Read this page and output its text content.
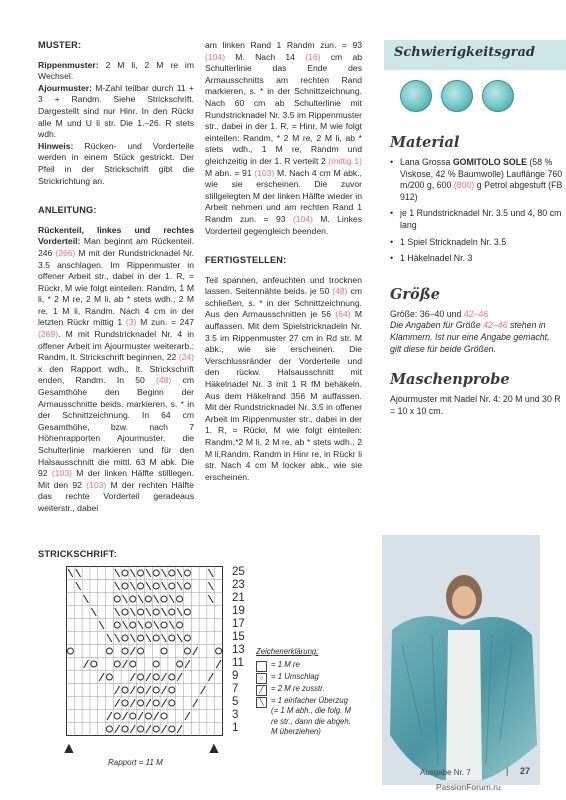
MUSTER:

Rippenmuster: 2 M li, 2 M re im Wechsel.
Ajourmuster: M-Zahl teilbar durch 11 + 3 + Randm. Siehe Strickschrift. Dargestellt sind nur Hinr. In den Rückr alle M und U li str. Die 1.–26. R stets wdh.
Hinweis: Rücken- und Vorderteile werden in einem Stück gestrickt. Der Pfeil in der Strickschrift gibt die Strickrichtung an.

ANLEITUNG:

Rückenteil, linkes und rechtes Vorderteil: Man beginnt am Rückenteil. 246 (266) M mit der Rundstricknadel Nr. 3.5 anschlagen. Im Rippenmuster in offener Arbeit str., dabei in der 1. R, = Rückr, M wie folgt einteilen: Randm, 1 M li, * 2 M re, 2 M li, ab * stets wdh., 2 M re, 1 M li, Randm. Nach 4 cm in der letzten Rückr mittig 1 (3) M zun. = 247 (269). M mit Rundstricknadel Nr. 4 in offener Arbeit im Ajourmuster weiterarb.: Randm, lt. Strickschrift beginnen, 22 (24) x den Rapport wdh., lt. Strickschrift enden, Randm. In 50 (48) cm Gesamthöhe den Beginn der Armausschnitte beids. markieren, s. * in der Schnittzeichnung. In 64 cm Gesamthöhe, bzw. nach 7 Höhenrapporten Ajourmuster, die Schulterlinie markieren und für den Halsausschnitt die mittl. 63 M abk. Die 92 (103) M der linken Hälfte stilllegen. Mit den 92 (103) M der rechten Hälfte das rechte Vorderteil geradeaus weiterstr., dabei

am linken Rand 1 Randm zun. = 93 (104) M. Nach 14 (16) cm ab Schulterlinie das Ende des Armausschnitts am rechten Rand markieren, s. * in der Schnittzeichnung. Nach 60 cm ab Schulterlinie mit Rundstricknadel Nr. 3.5 im Rippenmuster str., dabei in der 1. R, = Hinr, M wie folgt einteilen: Randm, * 2 M re, 2 M li, ab * stets wdh., 1 M re, Randm und gleichzeitig in der 1. R verteilt 2 (mittig 1) M abn. = 91 (103) M. Nach 4 cm M abk., wie sie erscheinen. Die zuvor stillgelegten M der linken Hälfte wieder in Arbeit nehmen und am rechten Rand 1 Randm zun. = 93 (104) M. Linkes Vorderteil gegengleich beenden.

FERTIGSTELLEN:

Teil spannen, anfeuchten und trocknen lassen. Seitennähte beids. je 50 (48) cm schließen, s. * in der Schnittzeichnung. Aus den Armausschnitten je 56 (64) M auffassen. Mit dem Spielstricknadeln Nr. 3.5 im Rippenmuster 27 cm in Rd str. M abk., wie sie erscheinen. Die Verschlussränder der Vorderteile und den rückw. Halsausschnitt mit Häkelnadel Nr. 3 mit 1 R fM behäkeln. Aus dem Häkelrand 356 M auffassen. Mit der Rundstricknadel Nr. 3.5 in offener Arbeit im Rippenmuster str., dabei in der 1. R, = Rückr, M wie folgt einteilen: Randm,*2 M li, 2 M re, ab * stets wdh., 2 M li,Randm. Randm in Hinr re, in Rückr li str. Nach 4 cm M locker abk., wie sie erscheinen.

Schwierigkeitsgrad
Material
• Lana Grossa GOMITOLO SOLE (58 % Viskose, 42 % Baumwolle) Lauflänge 760 m/200 g, 600 (800) g Petrol abgestuft (FB 912)
• je 1 Rundstricknadel Nr. 3.5 und 4, 80 cm lang
• 1 Spiel Stricknadeln Nr. 3.5
• 1 Häkelnadel Nr. 3
Größe

Größe: 36–40 und 42–46
Die Angaben für Größe 42–46 stehen in Klammern. Ist nur eine Angabe gemacht, gilt diese für beide Größen.

Maschenprobe

Ajourmuster mit Nadel Nr. 4: 20 M und 30 R = 10 x 10 cm.

STRICKSCHRIFT:
25
23
21
19
17
15
13
11
9
7
5
3
1
Zeichenerklärung:
= 1 M re
○ = 1 Umschlag
╱ = 2 M re zusstr.
╲ = 1 einfacher Überzug (= 1 M abh., die folg. M re str., dann die abgeh. M überziehen)
▲	▲
Rapport = 11 M
Ausgabe Nr. 7	| 27
PassionForum.ru
